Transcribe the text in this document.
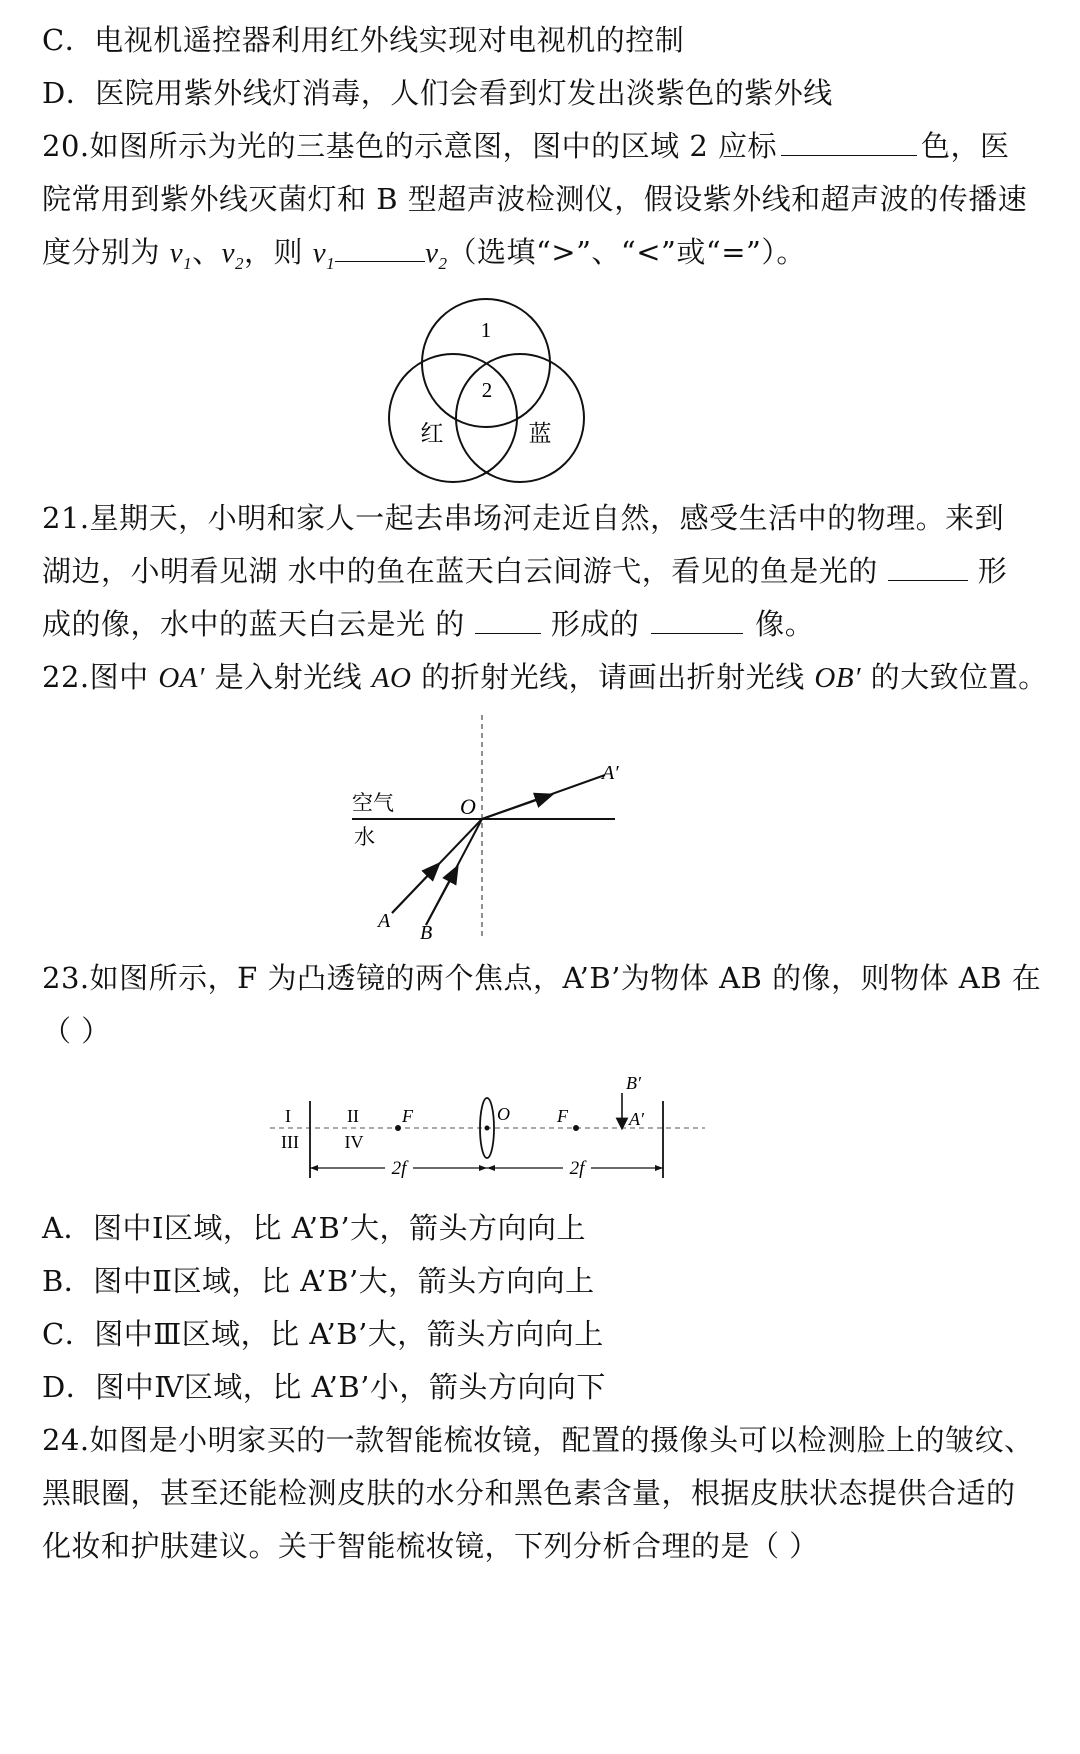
C．电视机遥控器利用红外线实现对电视机的控制
D．医院用紫外线灯消毒，人们会看到灯发出淡紫色的紫外线
20.如图所示为光的三基色的示意图，图中的区域 2 应标	色，医
院常用到紫外线灭菌灯和 B 型超声波检测仪，假设紫外线和超声波的传播速
度分别为 $v_1$、$v_2$，则 $v_1$	$v_2$（选填“>”、“<”或“=”）。
1
2
红	蓝
21.星期天，小明和家人一起去串场河走近自然，感受生活中的物理。来到
湖边，小明看见湖 水中的鱼在蓝天白云间游弋，看见的鱼是光的	形
成的像，水中的蓝天白云是光 的	形成的	像。
22.图中 OA′ 是入射光线 AO 的折射光线，请画出折射光线 OB′ 的大致位置。
空气
水
O
A
B
A′
23.如图所示，F 为凸透镜的两个焦点，A’B’为物体 AB 的像，则物体 AB 在
（ ）
2f	2f
I	II
III	IV
F	F
O
B′
A′
A．图中Ⅰ区域，比 A’B’大，箭头方向向上
B．图中Ⅱ区域，比 A’B’大，箭头方向向上
C．图中Ⅲ区域，比 A’B’大，箭头方向向上
D．图中Ⅳ区域，比 A’B’小，箭头方向向下
24.如图是小明家买的一款智能梳妆镜，配置的摄像头可以检测脸上的皱纹、
黑眼圈，甚至还能检测皮肤的水分和黑色素含量，根据皮肤状态提供合适的
化妆和护肤建议。关于智能梳妆镜，下列分析合理的是（ ）
